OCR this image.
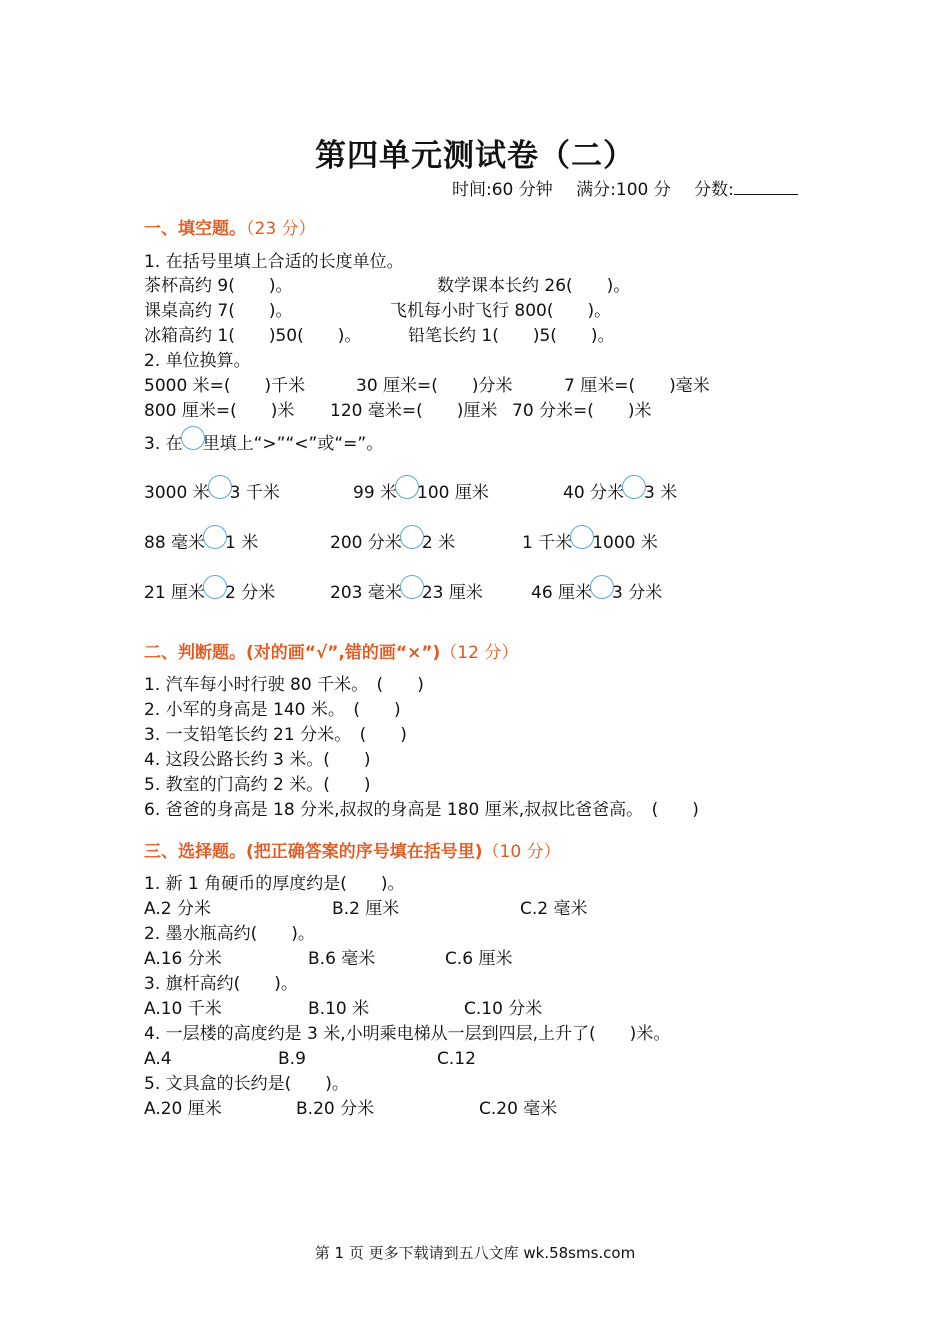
第四单元测试卷（二）
时间:60 分钟 满分:100 分 分数:
一、填空题。（23 分）
1. 在括号里填上合适的长度单位。
茶杯高约 9(　　)。	数学课本长约 26(　　)。
课桌高约 7(　　)。	飞机每小时飞行 800(　　)。
冰箱高约 1(　　)50(　　)。	铅笔长约 1(　　)5(　　)。
2. 单位换算。
5000 米=(　　)千米	30 厘米=(　　)分米	7 厘米=(　　)毫米
800 厘米=(　　)米 120 毫米=(　　)厘米 70 分米=(　　)米
3. 在 里填上“>”“<”或“=”。
3000 米 3 千米	99 米 100 厘米	40 分米 3 米
88 毫米 1 米	200 分米 2 米	1 千米 1000 米
21 厘米 2 分米	203 毫米 23 厘米	46 厘米 3 分米
二、判断题。(对的画“√”,错的画“×”)（12 分）
1. 汽车每小时行驶 80 千米。　(　　)
2. 小军的身高是 140 米。　(　　)
3. 一支铅笔长约 21 分米。　(　　)
4. 这段公路长约 3 米。(　　)
5. 教室的门高约 2 米。(　　)
6. 爸爸的身高是 18 分米,叔叔的身高是 180 厘米,叔叔比爸爸高。　(　　)
三、选择题。(把正确答案的序号填在括号里)（10 分）
1. 新 1 角硬币的厚度约是(　　)。
A.2 分米	B.2 厘米	C.2 毫米
2. 墨水瓶高约(　　)。
A.16 分米	B.6 毫米	C.6 厘米
3. 旗杆高约(　　)。
A.10 千米	B.10 米	C.10 分米
4. 一层楼的高度约是 3 米,小明乘电梯从一层到四层,上升了(　　)米。
A.4	B.9	C.12
5. 文具盒的长约是(　　)。
A.20 厘米	B.20 分米	C.20 毫米
第 1 页 更多下载请到五八文库 wk.58sms.com
